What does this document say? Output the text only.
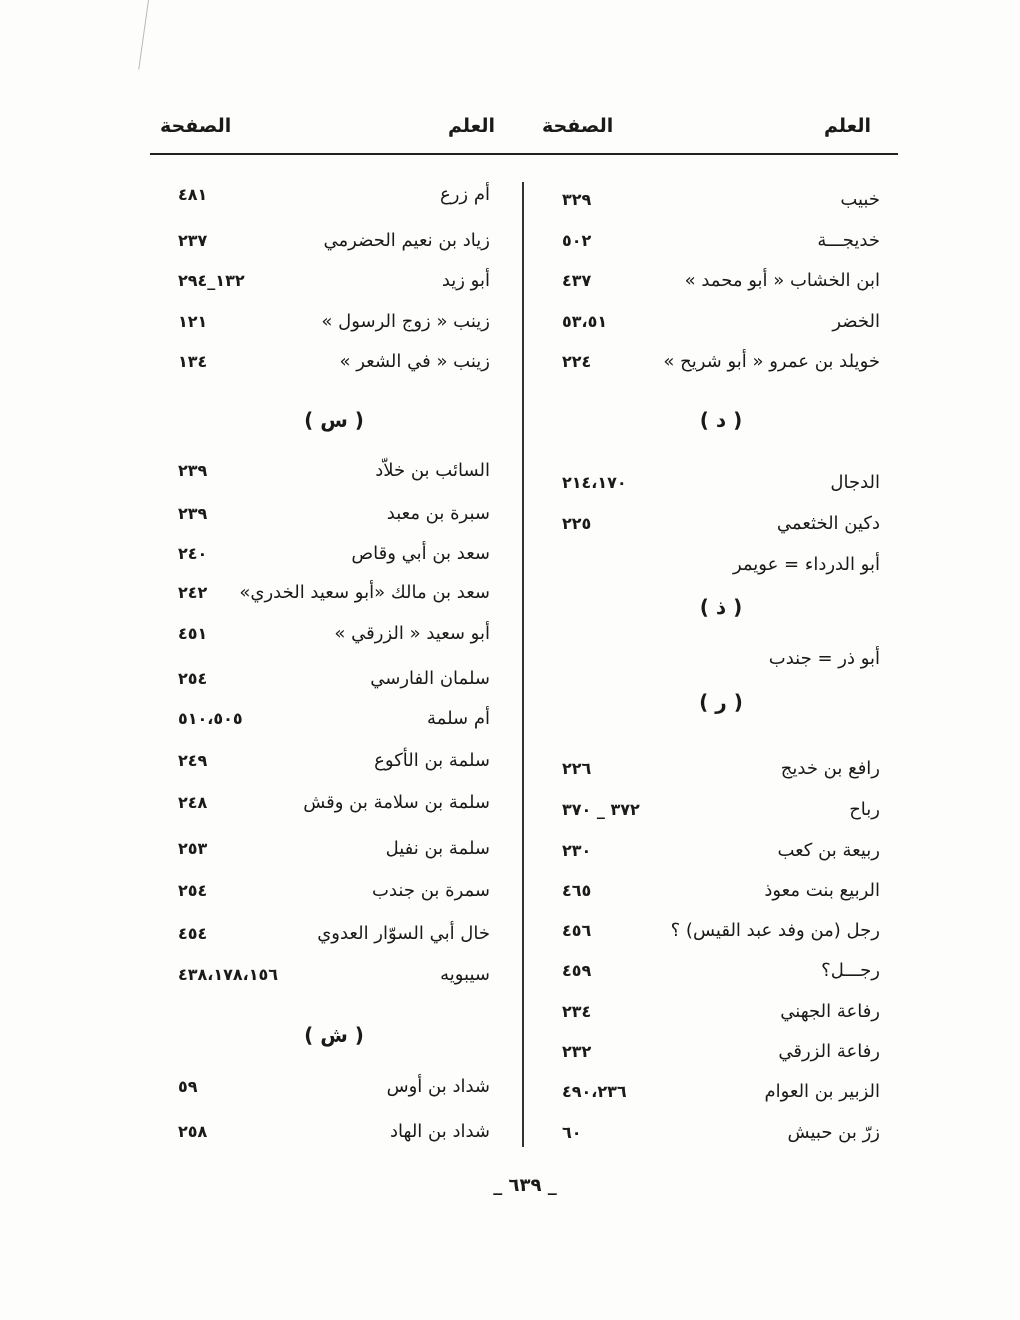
الصفحة	العلم الصفحة	العلم
٣٢٩	خبيب
٥٠٢	خديجـــة
٤٣٧	ابن الخشاب « أبو محمد »
٥٣،٥١	الخضر
٢٢٤	خويلد بن عمرو « أبو شريح »
( د )
٢١٤،١٧٠	الدجال
٢٢٥	دكين الخثعمي
أبو الدرداء = عويمر
( ذ )
أبو ذر = جندب
( ر )
٢٢٦	رافع بن خديج
٣٧٢ _ ٣٧٠	رباح
٢٣٠	ربيعة بن كعب
٤٦٥	الربيع بنت معوذ
٤٥٦	رجل (من وفد عبد القيس) ؟
٤٥٩	رجـــل؟
٢٣٤	رفاعة الجهني
٢٣٢	رفاعة الزرقي
٤٩٠،٢٣٦	الزبير بن العوام
٦٠	زرّ بن حبيش
٤٨١	أم زرع
٢٣٧	زياد بن نعيم الحضرمي
١٣٢_٢٩٤	أبو زيد
١٢١	زينب « زوج الرسول »
١٣٤	زينب « في الشعر »
( س )
٢٣٩	السائب بن خلاّد
٢٣٩	سبرة بن معبد
٢٤٠	سعد بن أبي وقاص
٢٤٢ سعد بن مالك «أبو سعيد الخدري»
٤٥١	أبو سعيد « الزرقي »
٢٥٤	سلمان الفارسي
٥١٠،٥٠٥	أم سلمة
٢٤٩	سلمة بن الأكوع
٢٤٨	سلمة بن سلامة بن وقش
٢٥٣	سلمة بن نفيل
٢٥٤	سمرة بن جندب
٤٥٤	خال أبي السوّار العدوي
٤٣٨،١٧٨،١٥٦	سيبويه
( ش )
٥٩	شداد بن أوس
٢٥٨	شداد بن الهاد
_ ٦٣٩ _
